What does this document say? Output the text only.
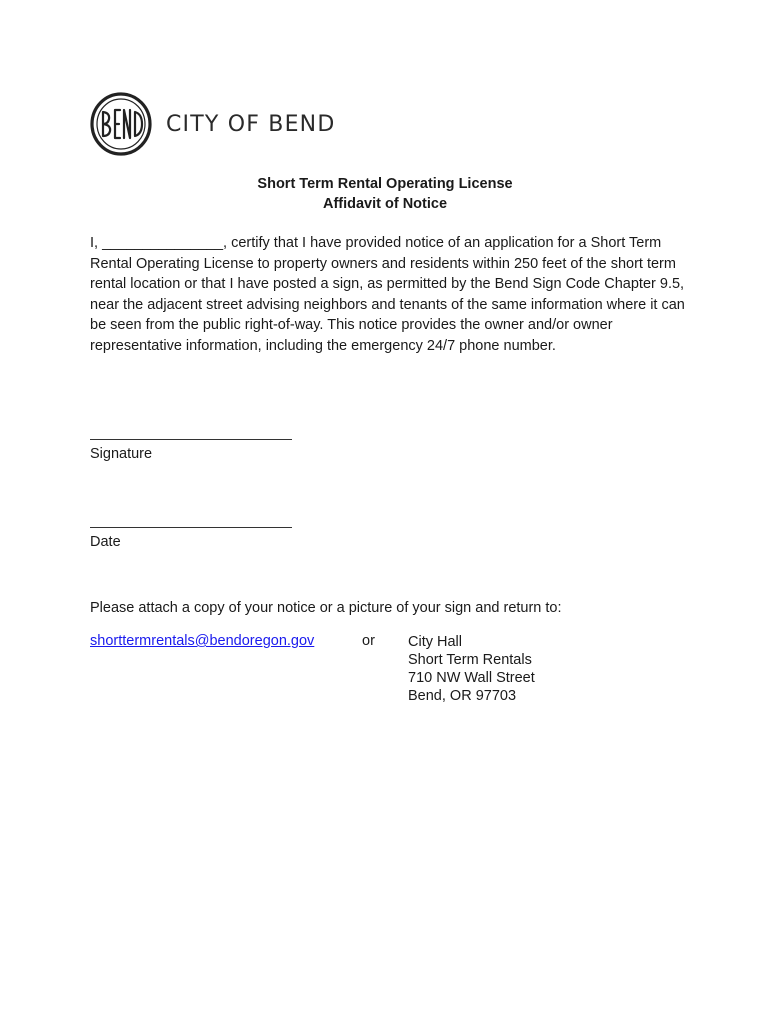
CITY OF BEND
Short Term Rental Operating License
Affidavit of Notice
I, _______________, certify that I have provided notice of an application for a Short Term Rental Operating License to property owners and residents within 250 feet of the short term rental location or that I have posted a sign, as permitted by the Bend Sign Code Chapter 9.5, near the adjacent street advising neighbors and tenants of the same information where it can be seen from the public right-of-way. This notice provides the owner and/or owner representative information, including the emergency 24/7 phone number.
Signature
Date
Please attach a copy of your notice or a picture of your sign and return to:
shorttermrentals@bendoregon.gov	or City Hall
Short Term Rentals
710 NW Wall Street
Bend, OR 97703
